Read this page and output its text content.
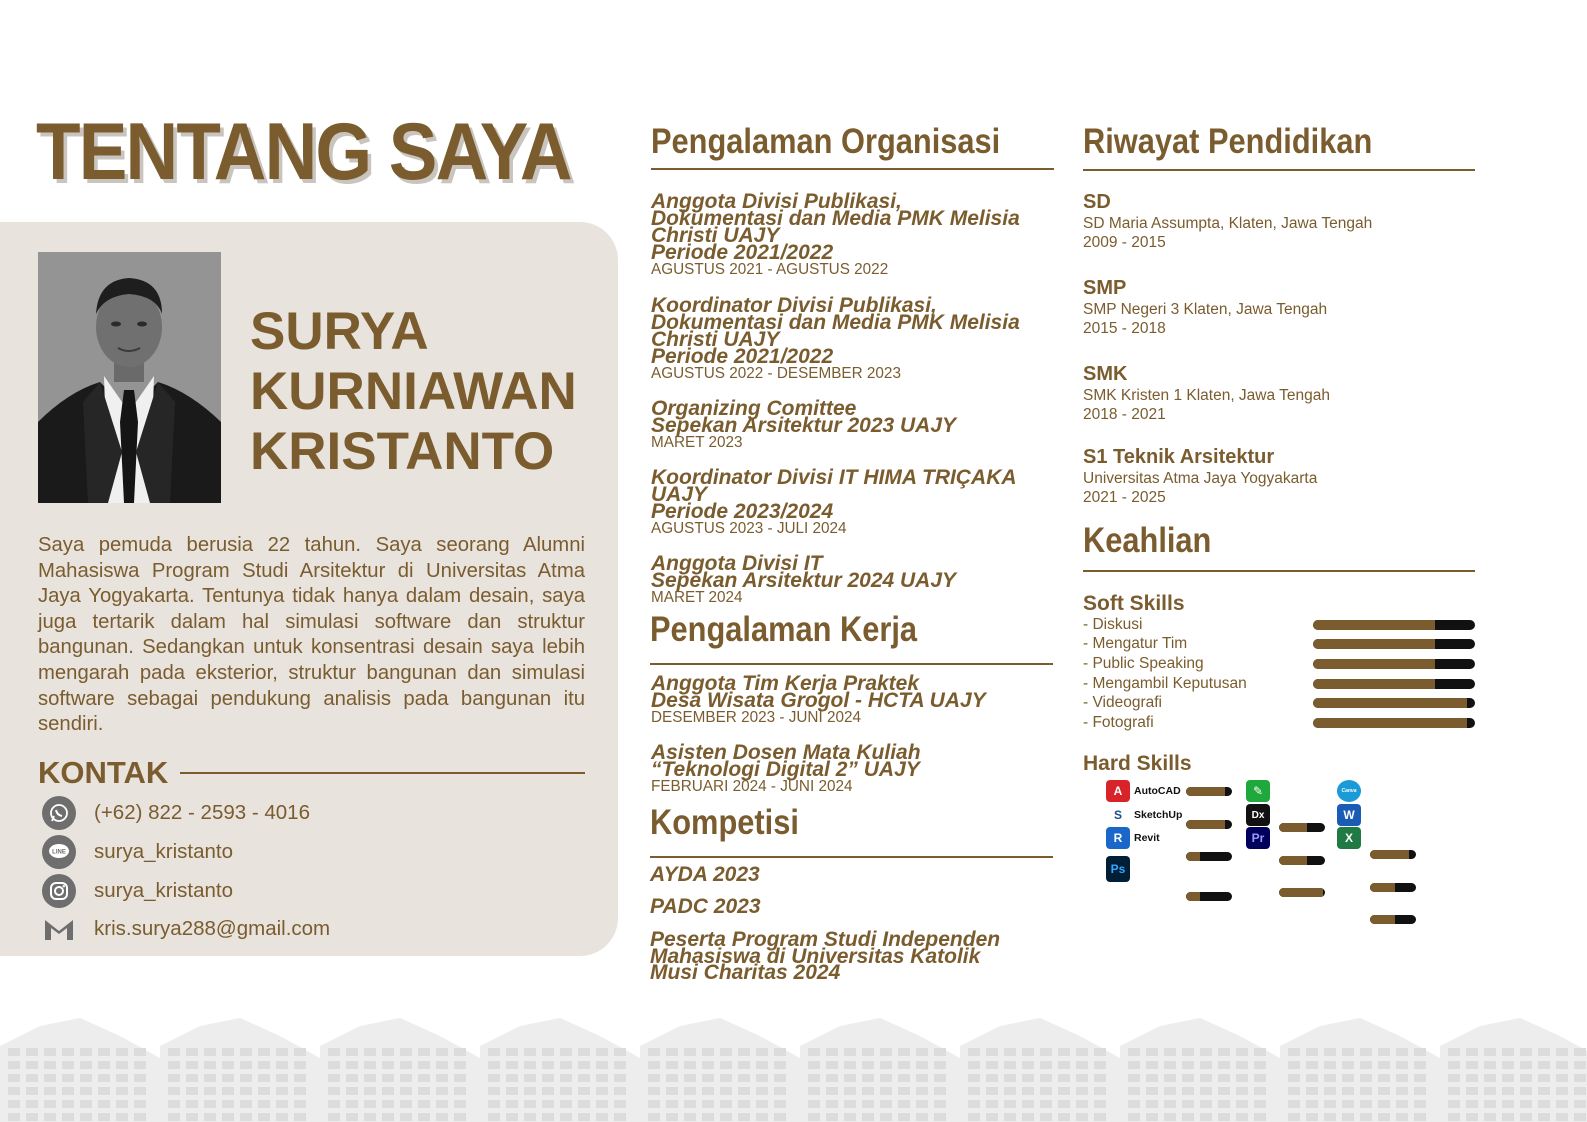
TENTANG SAYA
SURYA
KURNIAWAN
KRISTANTO
Saya pemuda berusia 22 tahun. Saya seorang Alumni Mahasiswa Program Studi Arsitektur di Universitas Atma Jaya Yogyakarta. Tentunya tidak hanya dalam desain, saya juga tertarik dalam hal simulasi software dan struktur bangunan. Sedangkan untuk konsentrasi desain saya lebih mengarah pada eksterior, struktur bangunan dan simulasi software sebagai pendukung analisis pada bangunan itu sendiri.
KONTAK
(+62) 822 - 2593 - 4016
LINE surya_kristanto
surya_kristanto
kris.surya288@gmail.com
Pengalaman Organisasi
Anggota Divisi Publikasi,
Dokumentasi dan Media PMK Melisia
Christi UAJY
Periode 2021/2022
AGUSTUS 2021 - AGUSTUS 2022
Koordinator Divisi Publikasi,
Dokumentasi dan Media PMK Melisia
Christi UAJY
Periode 2021/2022
AGUSTUS 2022 - DESEMBER 2023
Organizing Comittee
Sepekan Arsitektur 2023 UAJY
MARET 2023
Koordinator Divisi IT HIMA TRIÇAKA
UAJY
Periode 2023/2024
AGUSTUS 2023 - JULI 2024
Anggota Divisi IT
Sepekan Arsitektur 2024 UAJY
MARET 2024
Pengalaman Kerja
Anggota Tim Kerja Praktek
Desa Wisata Grogol - HCTA UAJY
DESEMBER 2023 - JUNI 2024
Asisten Dosen Mata Kuliah
“Teknologi Digital 2” UAJY
FEBRUARI 2024 - JUNI 2024
Kompetisi
AYDA 2023
PADC 2023
Peserta Program Studi Independen
Mahasiswa di Universitas Katolik
Musi Charitas 2024
Riwayat Pendidikan
SD
SD Maria Assumpta, Klaten, Jawa Tengah
2009 - 2015
SMP
SMP Negeri 3 Klaten, Jawa Tengah
2015 - 2018
SMK
SMK Kristen 1 Klaten, Jawa Tengah
2018 - 2021
S1 Teknik Arsitektur
Universitas Atma Jaya Yogyakarta
2021 - 2025
Keahlian
Soft Skills
- Diskusi
- Mengatur Tim
- Public Speaking
- Mengambil Keputusan
- Videografi
- Fotografi
Hard Skills
A	AutoCAD
S	SketchUp
R	Revit
Ps
✎
Dx
Pr
Canva
W
X
